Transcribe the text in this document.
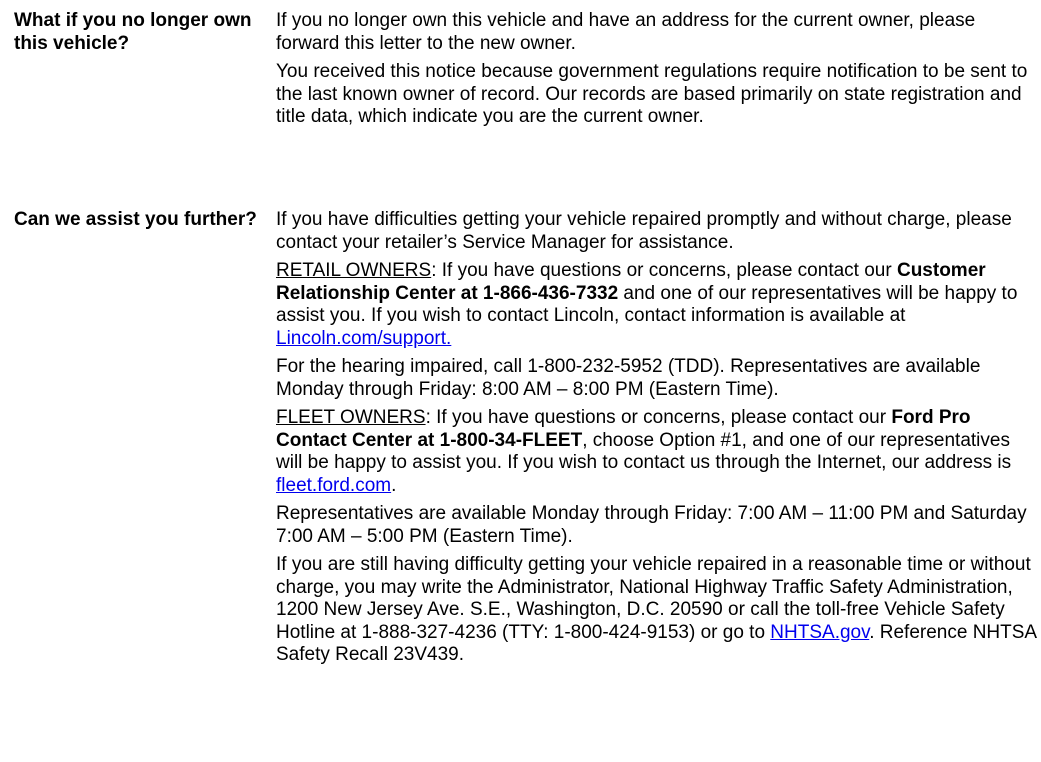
What if you no longer own this vehicle?

If you no longer own this vehicle and have an address for the current owner, please forward this letter to the new owner.

You received this notice because government regulations require notification to be sent to the last known owner of record. Our records are based primarily on state registration and title data, which indicate you are the current owner.

Can we assist you further?	If you have difficulties getting your vehicle repaired promptly and without charge, please contact your retailer’s Service Manager for assistance.

RETAIL OWNERS: If you have questions or concerns, please contact our Customer Relationship Center at 1-866-436-7332 and one of our representatives will be happy to assist you. If you wish to contact Lincoln, contact information is available at Lincoln.com/support.

For the hearing impaired, call 1-800-232-5952 (TDD). Representatives are available Monday through Friday: 8:00 AM – 8:00 PM (Eastern Time).

FLEET OWNERS: If you have questions or concerns, please contact our Ford Pro Contact Center at 1-800-34-FLEET, choose Option #1, and one of our representatives will be happy to assist you. If you wish to contact us through the Internet, our address is fleet.ford.com.

Representatives are available Monday through Friday: 7:00 AM – 11:00 PM and Saturday 7:00 AM – 5:00 PM (Eastern Time).

If you are still having difficulty getting your vehicle repaired in a reasonable time or without charge, you may write the Administrator, National Highway Traffic Safety Administration, 1200 New Jersey Ave. S.E., Washington, D.C. 20590 or call the toll-free Vehicle Safety Hotline at 1-888-327-4236 (TTY: 1-800-424-9153) or go to NHTSA.gov. Reference NHTSA Safety Recall 23V439.
